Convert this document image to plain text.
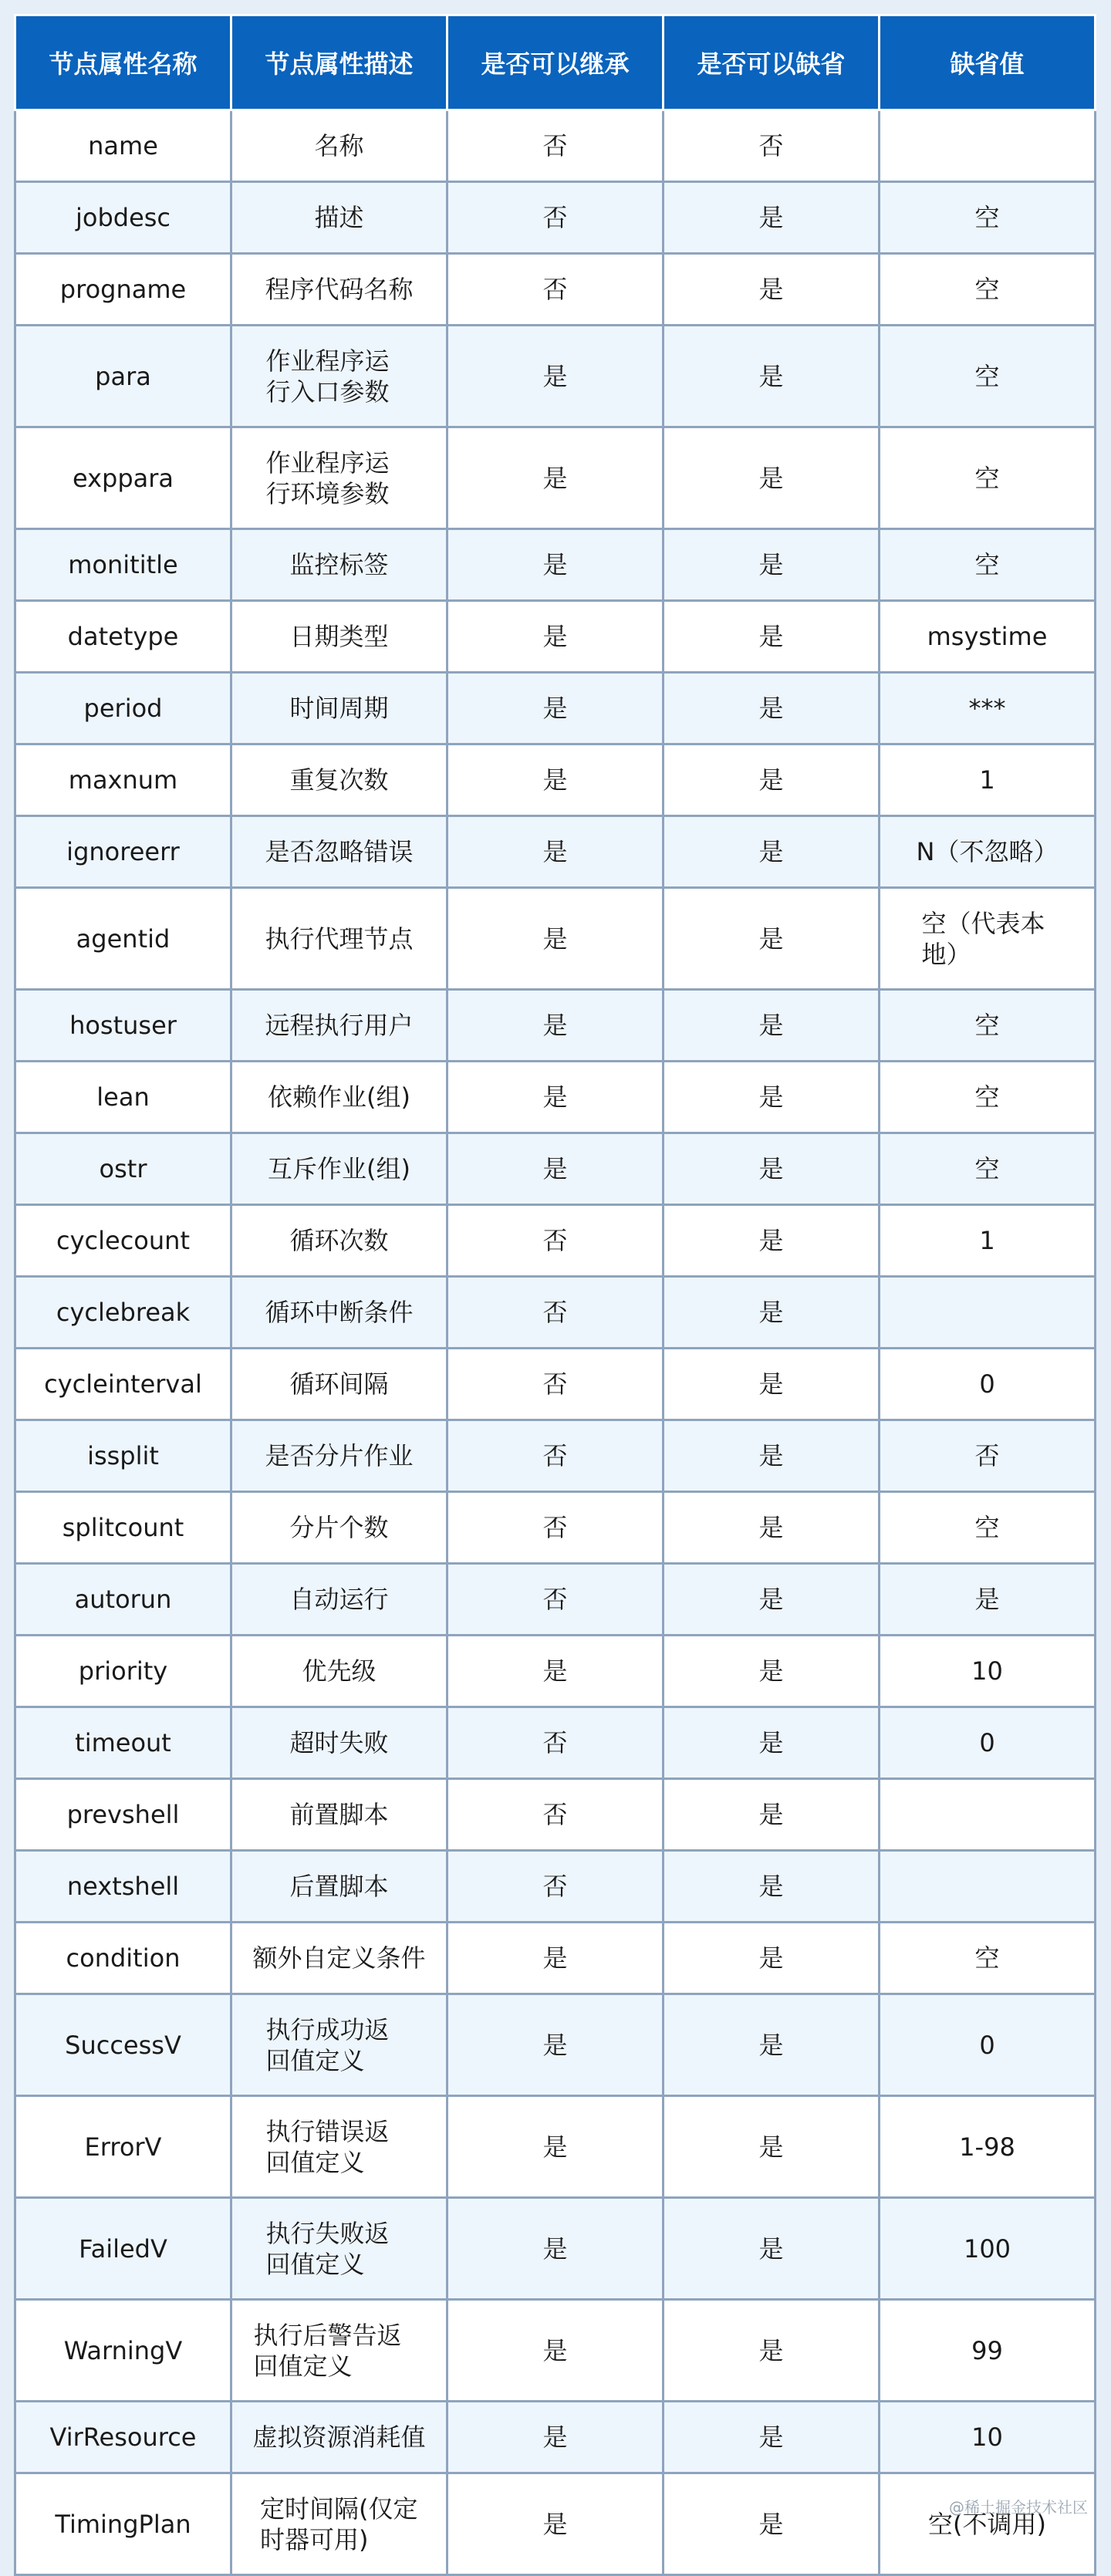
节点属性名称	节点属性描述	是否可以继承	是否可以缺省	缺省值
name	名称	否	否	
jobdesc	描述	否	是	空
progname	程序代码名称	否	是	空
para	作业程序运行入口参数	是	是	空
exppara	作业程序运行环境参数	是	是	空
monititle	监控标签	是	是	空
datetype	日期类型	是	是	msystime
period	时间周期	是	是	***
maxnum	重复次数	是	是	1
ignoreerr	是否忽略错误	是	是	N（不忽略）
agentid	执行代理节点	是	是	空（代表本地）
hostuser	远程执行用户	是	是	空
lean	依赖作业(组)	是	是	空
ostr	互斥作业(组)	是	是	空
cyclecount	循环次数	否	是	1
cyclebreak	循环中断条件	否	是	
cycleinterval	循环间隔	否	是	0
issplit	是否分片作业	否	是	否
splitcount	分片个数	否	是	空
autorun	自动运行	否	是	是
priority	优先级	是	是	10
timeout	超时失败	否	是	0
prevshell	前置脚本	否	是	
nextshell	后置脚本	否	是	
condition	额外自定义条件	是	是	空
SuccessV	执行成功返回值定义	是	是	0
ErrorV	执行错误返回值定义	是	是	1-98
FailedV	执行失败返回值定义	是	是	100
WarningV	执行后警告返回值定义	是	是	99
VirResource	虚拟资源消耗值	是	是	10
TimingPlan	定时间隔(仅定时器可用)	是	是	空(不调用)
@稀土掘金技术社区
